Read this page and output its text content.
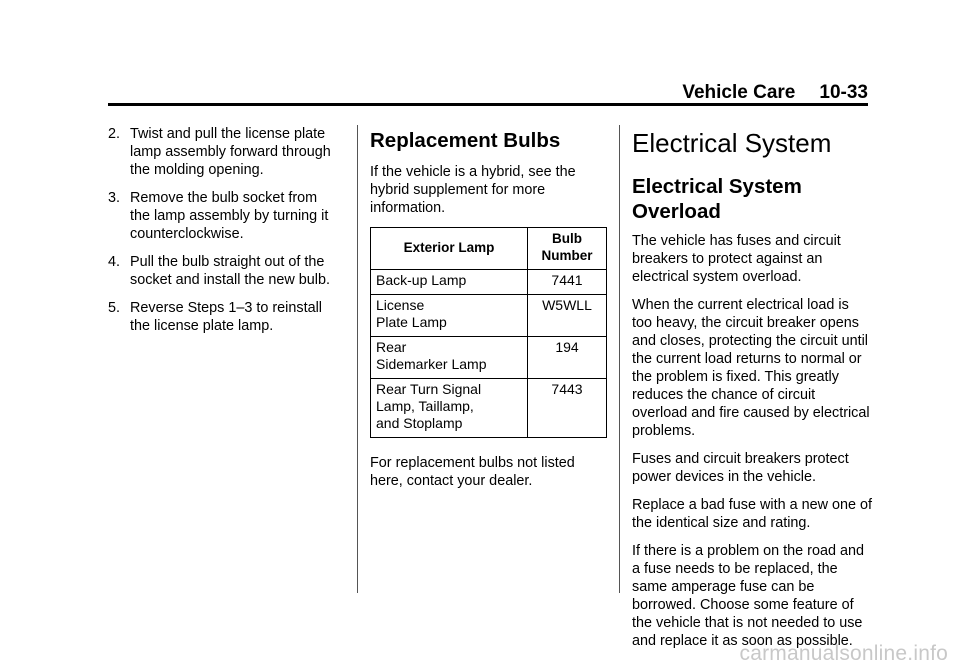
Vehicle Care 10-33
2. Twist and pull the license plate lamp assembly forward through the molding opening.
3. Remove the bulb socket from the lamp assembly by turning it counterclockwise.
4. Pull the bulb straight out of the socket and install the new bulb.
5. Reverse Steps 1–3 to reinstall the license plate lamp.
Replacement Bulbs

If the vehicle is a hybrid, see the hybrid supplement for more information.

Exterior Lamp	Bulb Number
Back-up Lamp	7441
License
Plate Lamp	W5WLL
Rear
Sidemarker Lamp	194
Rear Turn Signal
Lamp, Taillamp,
and Stoplamp	7443

For replacement bulbs not listed here, contact your dealer.

Electrical System
Electrical System Overload

The vehicle has fuses and circuit breakers to protect against an electrical system overload.

When the current electrical load is too heavy, the circuit breaker opens and closes, protecting the circuit until the current load returns to normal or the problem is fixed. This greatly reduces the chance of circuit overload and fire caused by electrical problems.

Fuses and circuit breakers protect power devices in the vehicle.

Replace a bad fuse with a new one of the identical size and rating.

If there is a problem on the road and a fuse needs to be replaced, the same amperage fuse can be borrowed. Choose some feature of the vehicle that is not needed to use and replace it as soon as possible.

carmanualsonline.info
